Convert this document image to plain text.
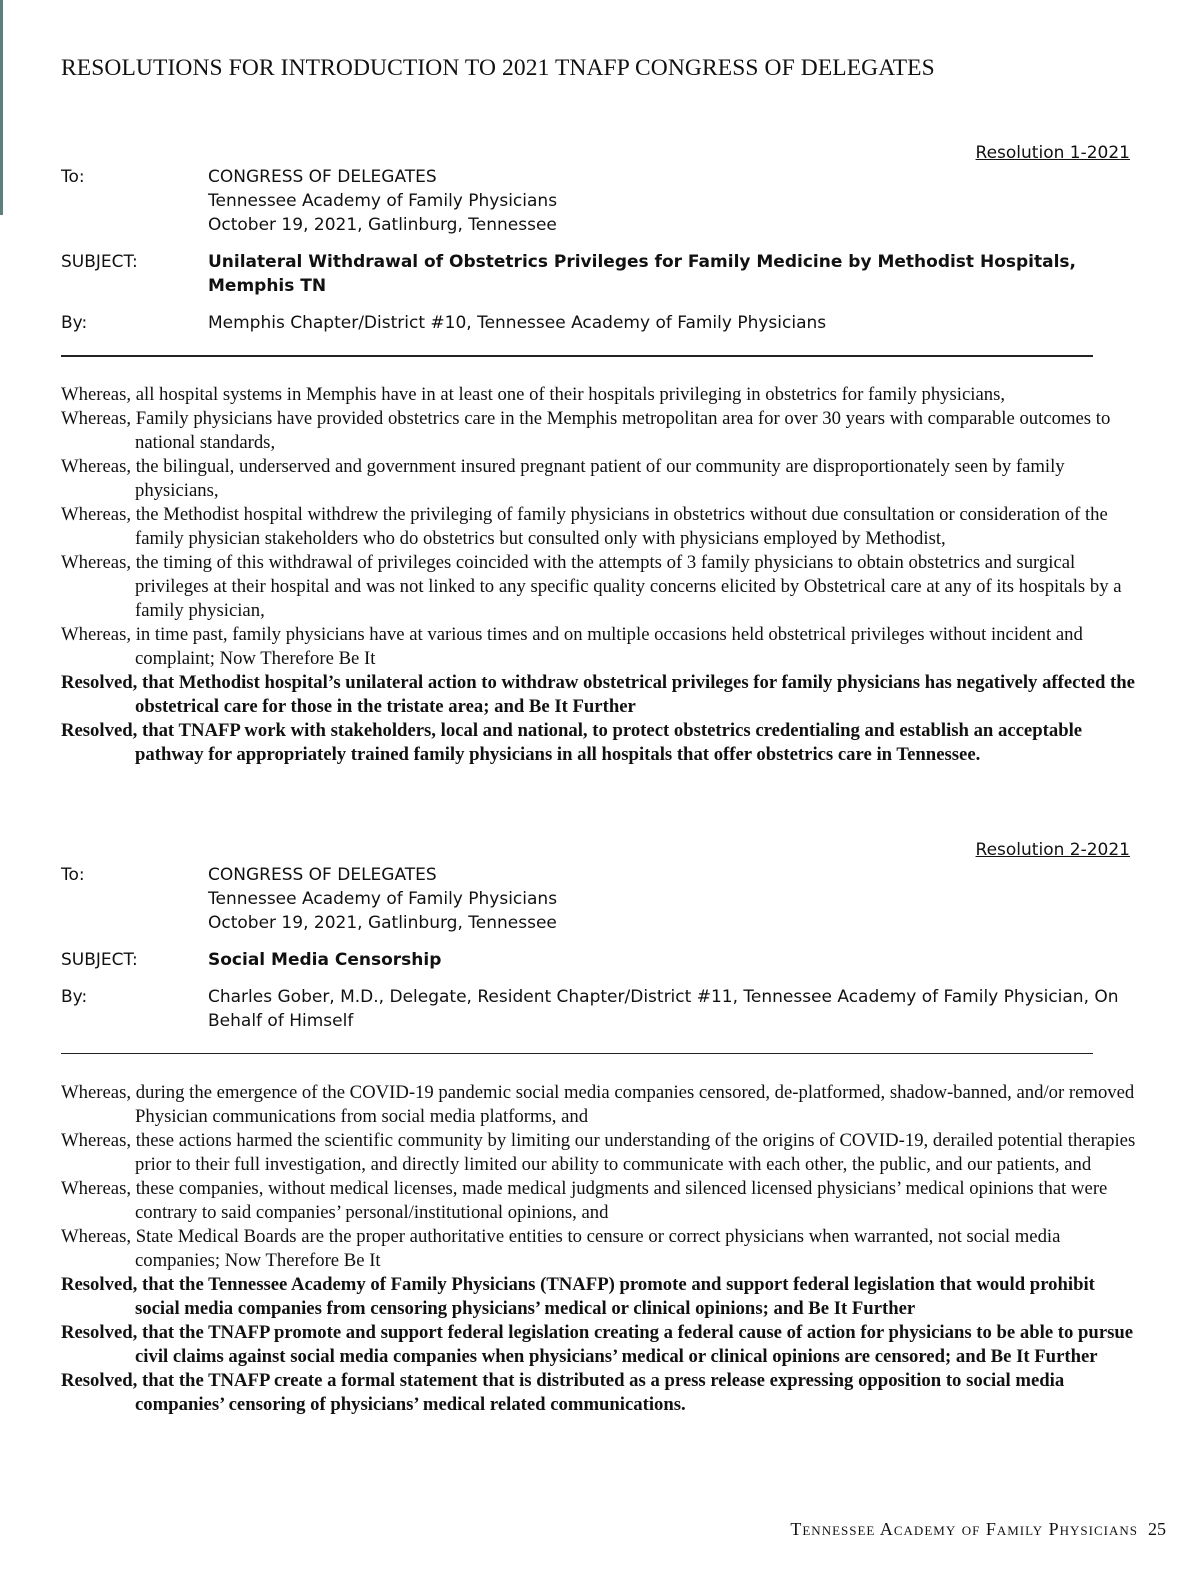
RESOLUTIONS FOR INTRODUCTION TO 2021 TNAFP CONGRESS OF DELEGATES
Resolution 1-2021
To:	CONGRESS OF DELEGATES
Tennessee Academy of Family Physicians
October 19, 2021, Gatlinburg, Tennessee
SUBJECT:	Unilateral Withdrawal of Obstetrics Privileges for Family Medicine by Methodist Hospitals, Memphis TN
By:	Memphis Chapter/District #10, Tennessee Academy of Family Physicians

Whereas, all hospital systems in Memphis have in at least one of their hospitals privileging in obstetrics for family physicians,

Whereas, Family physicians have provided obstetrics care in the Memphis metropolitan area for over 30 years with comparable outcomes to national standards,

Whereas, the bilingual, underserved and government insured pregnant patient of our community are disproportionately seen by family physicians,

Whereas, the Methodist hospital withdrew the privileging of family physicians in obstetrics without due consultation or consideration of the family physician stakeholders who do obstetrics but consulted only with physicians employed by Methodist,

Whereas, the timing of this withdrawal of privileges coincided with the attempts of 3 family physicians to obtain obstetrics and surgical privileges at their hospital and was not linked to any specific quality concerns elicited by Obstetrical care at any of its hospitals by a family physician,

Whereas, in time past, family physicians have at various times and on multiple occasions held obstetrical privileges without incident and complaint; Now Therefore Be It

Resolved, that Methodist hospital’s unilateral action to withdraw obstetrical privileges for family physicians has negatively affected the obstetrical care for those in the tristate area; and Be It Further

Resolved, that TNAFP work with stakeholders, local and national, to protect obstetrics credentialing and establish an acceptable pathway for appropriately trained family physicians in all hospitals that offer obstetrics care in Tennessee.

Resolution 2-2021
To:	CONGRESS OF DELEGATES
Tennessee Academy of Family Physicians
October 19, 2021, Gatlinburg, Tennessee
SUBJECT:	Social Media Censorship
By:	Charles Gober, M.D., Delegate, Resident Chapter/District #11, Tennessee Academy of Family Physician, On Behalf of Himself

Whereas, during the emergence of the COVID-19 pandemic social media companies censored, de-platformed, shadow-banned, and/or removed Physician communications from social media platforms, and

Whereas, these actions harmed the scientific community by limiting our understanding of the origins of COVID-19, derailed potential therapies prior to their full investigation, and directly limited our ability to communicate with each other, the public, and our patients, and

Whereas, these companies, without medical licenses, made medical judgments and silenced licensed physicians’ medical opinions that were contrary to said companies’ personal/institutional opinions, and

Whereas, State Medical Boards are the proper authoritative entities to censure or correct physicians when warranted, not social media companies; Now Therefore Be It

Resolved, that the Tennessee Academy of Family Physicians (TNAFP) promote and support federal legislation that would prohibit social media companies from censoring physicians’ medical or clinical opinions; and Be It Further

Resolved, that the TNAFP promote and support federal legislation creating a federal cause of action for physicians to be able to pursue civil claims against social media companies when physicians’ medical or clinical opinions are censored; and Be It Further

Resolved, that the TNAFP create a formal statement that is distributed as a press release expressing opposition to social media companies’ censoring of physicians’ medical related communications.

Tennessee Academy of Family Physicians 25
